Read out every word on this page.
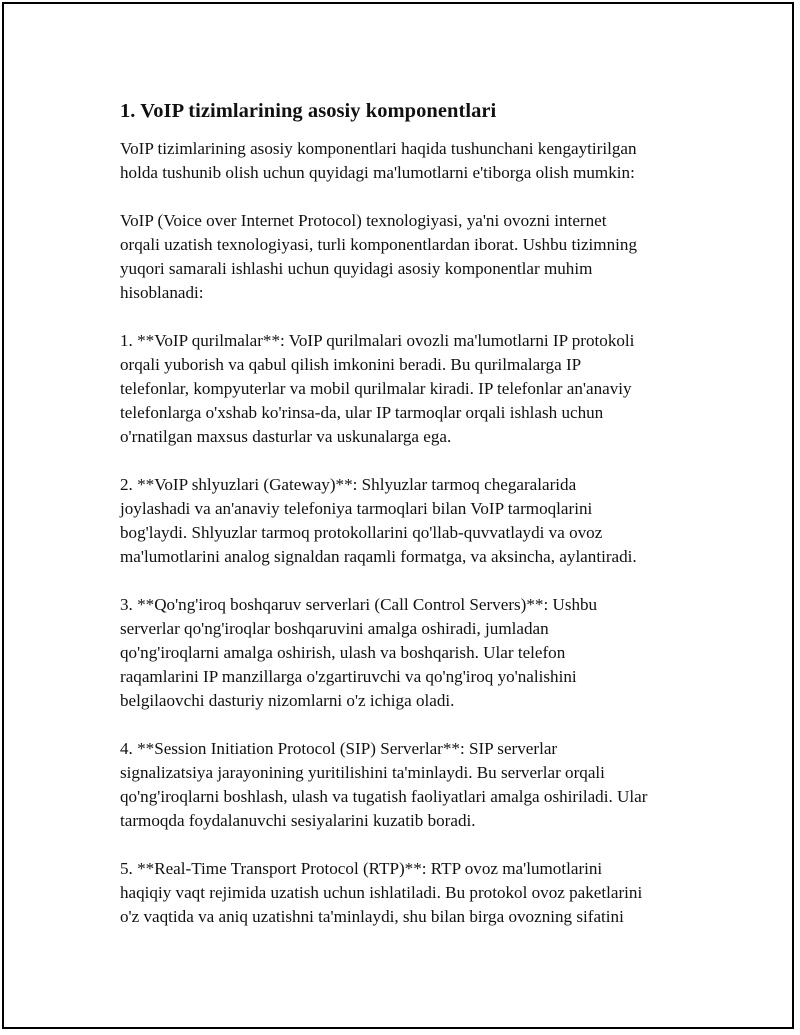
1. VoIP tizimlarining asosiy komponentlari

VoIP tizimlarining asosiy komponentlari haqida tushunchani kengaytirilgan
holda tushunib olish uchun quyidagi ma'lumotlarni e'tiborga olish mumkin:

VoIP (Voice over Internet Protocol) texnologiyasi, ya'ni ovozni internet
orqali uzatish texnologiyasi, turli komponentlardan iborat. Ushbu tizimning
yuqori samarali ishlashi uchun quyidagi asosiy komponentlar muhim
hisoblanadi:

1. **VoIP qurilmalar**: VoIP qurilmalari ovozli ma'lumotlarni IP protokoli
orqali yuborish va qabul qilish imkonini beradi. Bu qurilmalarga IP
telefonlar, kompyuterlar va mobil qurilmalar kiradi. IP telefonlar an'anaviy
telefonlarga o'xshab ko'rinsa-da, ular IP tarmoqlar orqali ishlash uchun
o'rnatilgan maxsus dasturlar va uskunalarga ega.

2. **VoIP shlyuzlari (Gateway)**: Shlyuzlar tarmoq chegaralarida
joylashadi va an'anaviy telefoniya tarmoqlari bilan VoIP tarmoqlarini
bog'laydi. Shlyuzlar tarmoq protokollarini qo'llab-quvvatlaydi va ovoz
ma'lumotlarini analog signaldan raqamli formatga, va aksincha, aylantiradi.

3. **Qo'ng'iroq boshqaruv serverlari (Call Control Servers)**: Ushbu
serverlar qo'ng'iroqlar boshqaruvini amalga oshiradi, jumladan
qo'ng'iroqlarni amalga oshirish, ulash va boshqarish. Ular telefon
raqamlarini IP manzillarga o'zgartiruvchi va qo'ng'iroq yo'nalishini
belgilaovchi dasturiy nizomlarni o'z ichiga oladi.

4. **Session Initiation Protocol (SIP) Serverlar**: SIP serverlar
signalizatsiya jarayonining yuritilishini ta'minlaydi. Bu serverlar orqali
qo'ng'iroqlarni boshlash, ulash va tugatish faoliyatlari amalga oshiriladi. Ular
tarmoqda foydalanuvchi sesiyalarini kuzatib boradi.

5. **Real-Time Transport Protocol (RTP)**: RTP ovoz ma'lumotlarini
haqiqiy vaqt rejimida uzatish uchun ishlatiladi. Bu protokol ovoz paketlarini
o'z vaqtida va aniq uzatishni ta'minlaydi, shu bilan birga ovozning sifatini
